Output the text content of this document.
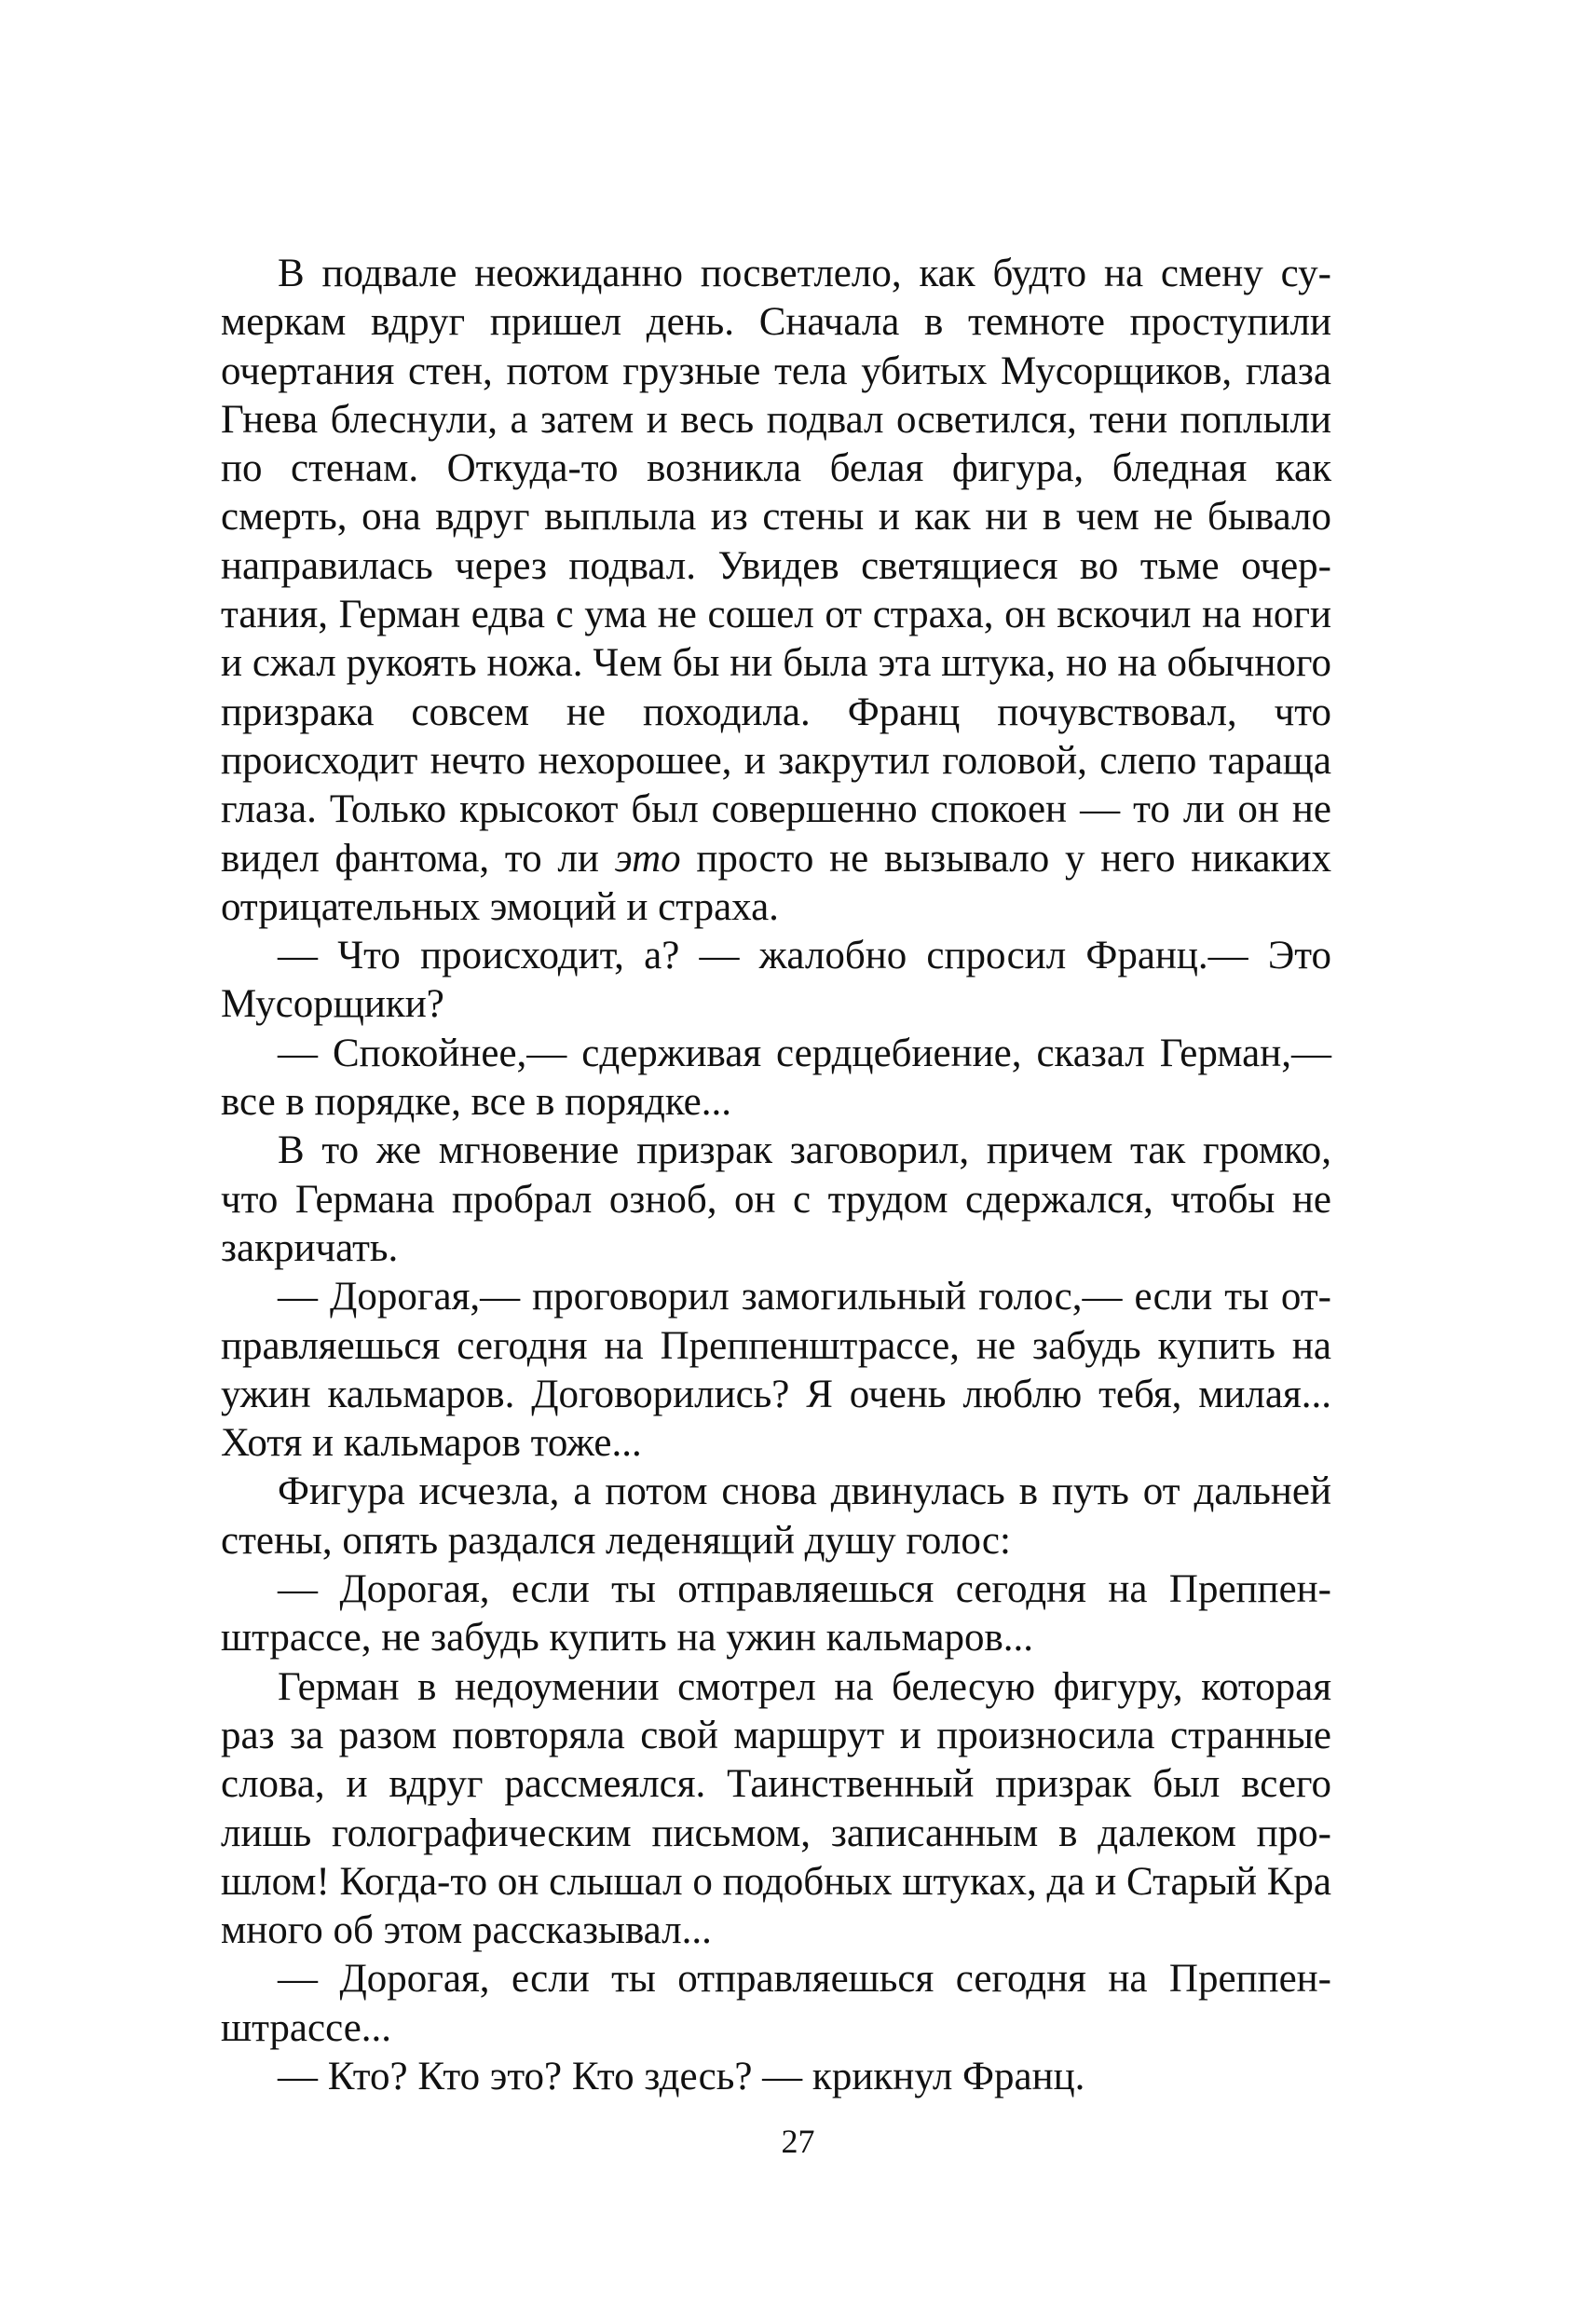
В подвале неожиданно посветлело, как будто на смену сумеркам вдруг пришел день. Сначала в темноте проступили очертания стен, потом грузные тела убитых Мусорщиков, глаза Гнева блеснули, а затем и весь подвал осветился, тени поплыли по стенам. Откуда-то возникла белая фигура, бледная как смерть, она вдруг выплыла из стены и как ни в чем не бывало направилась через подвал. Увидев светящиеся во тьме очертания, Герман едва с ума не сошел от страха, он вскочил на ноги и сжал рукоять ножа. Чем бы ни была эта штука, но на обычного призрака совсем не походила. Франц почувствовал, что происходит нечто нехорошее, и закрутил головой, слепо таращa глаза. Только крысокот был совершенно спокоен — то ли он не видел фантома, то ли это просто не вызывало у него никаких отрицательных эмоций и страха.

— Что происходит, а? — жалобно спросил Франц.— Это Мусорщики?

— Спокойнее,— сдерживая сердцебиение, сказал Герман,— все в порядке, все в порядке...

В то же мгновение призрак заговорил, причем так громко, что Германа пробрал озноб, он с трудом сдержался, чтобы не закричать.

— Дорогая,— проговорил замогильный голос,— если ты отправляешься сегодня на Преппенштрассе, не забудь купить на ужин кальмаров. Договорились? Я очень люблю тебя, милая... Хотя и кальмаров тоже...

Фигура исчезла, а потом снова двинулась в путь от дальней стены, опять раздался леденящий душу голос:

— Дорогая, если ты отправляешься сегодня на Преппенштрассе, не забудь купить на ужин кальмаров...

Герман в недоумении смотрел на белесую фигуру, которая раз за разом повторяла свой маршрут и произносила странные слова, и вдруг рассмеялся. Таинственный призрак был всего лишь голографическим письмом, записанным в далеком прошлом! Когда-то он слышал о подобных штуках, да и Старый Кра много об этом рассказывал...

— Дорогая, если ты отправляешься сегодня на Преппенштрассе...

— Кто? Кто это? Кто здесь? — крикнул Франц.

27
